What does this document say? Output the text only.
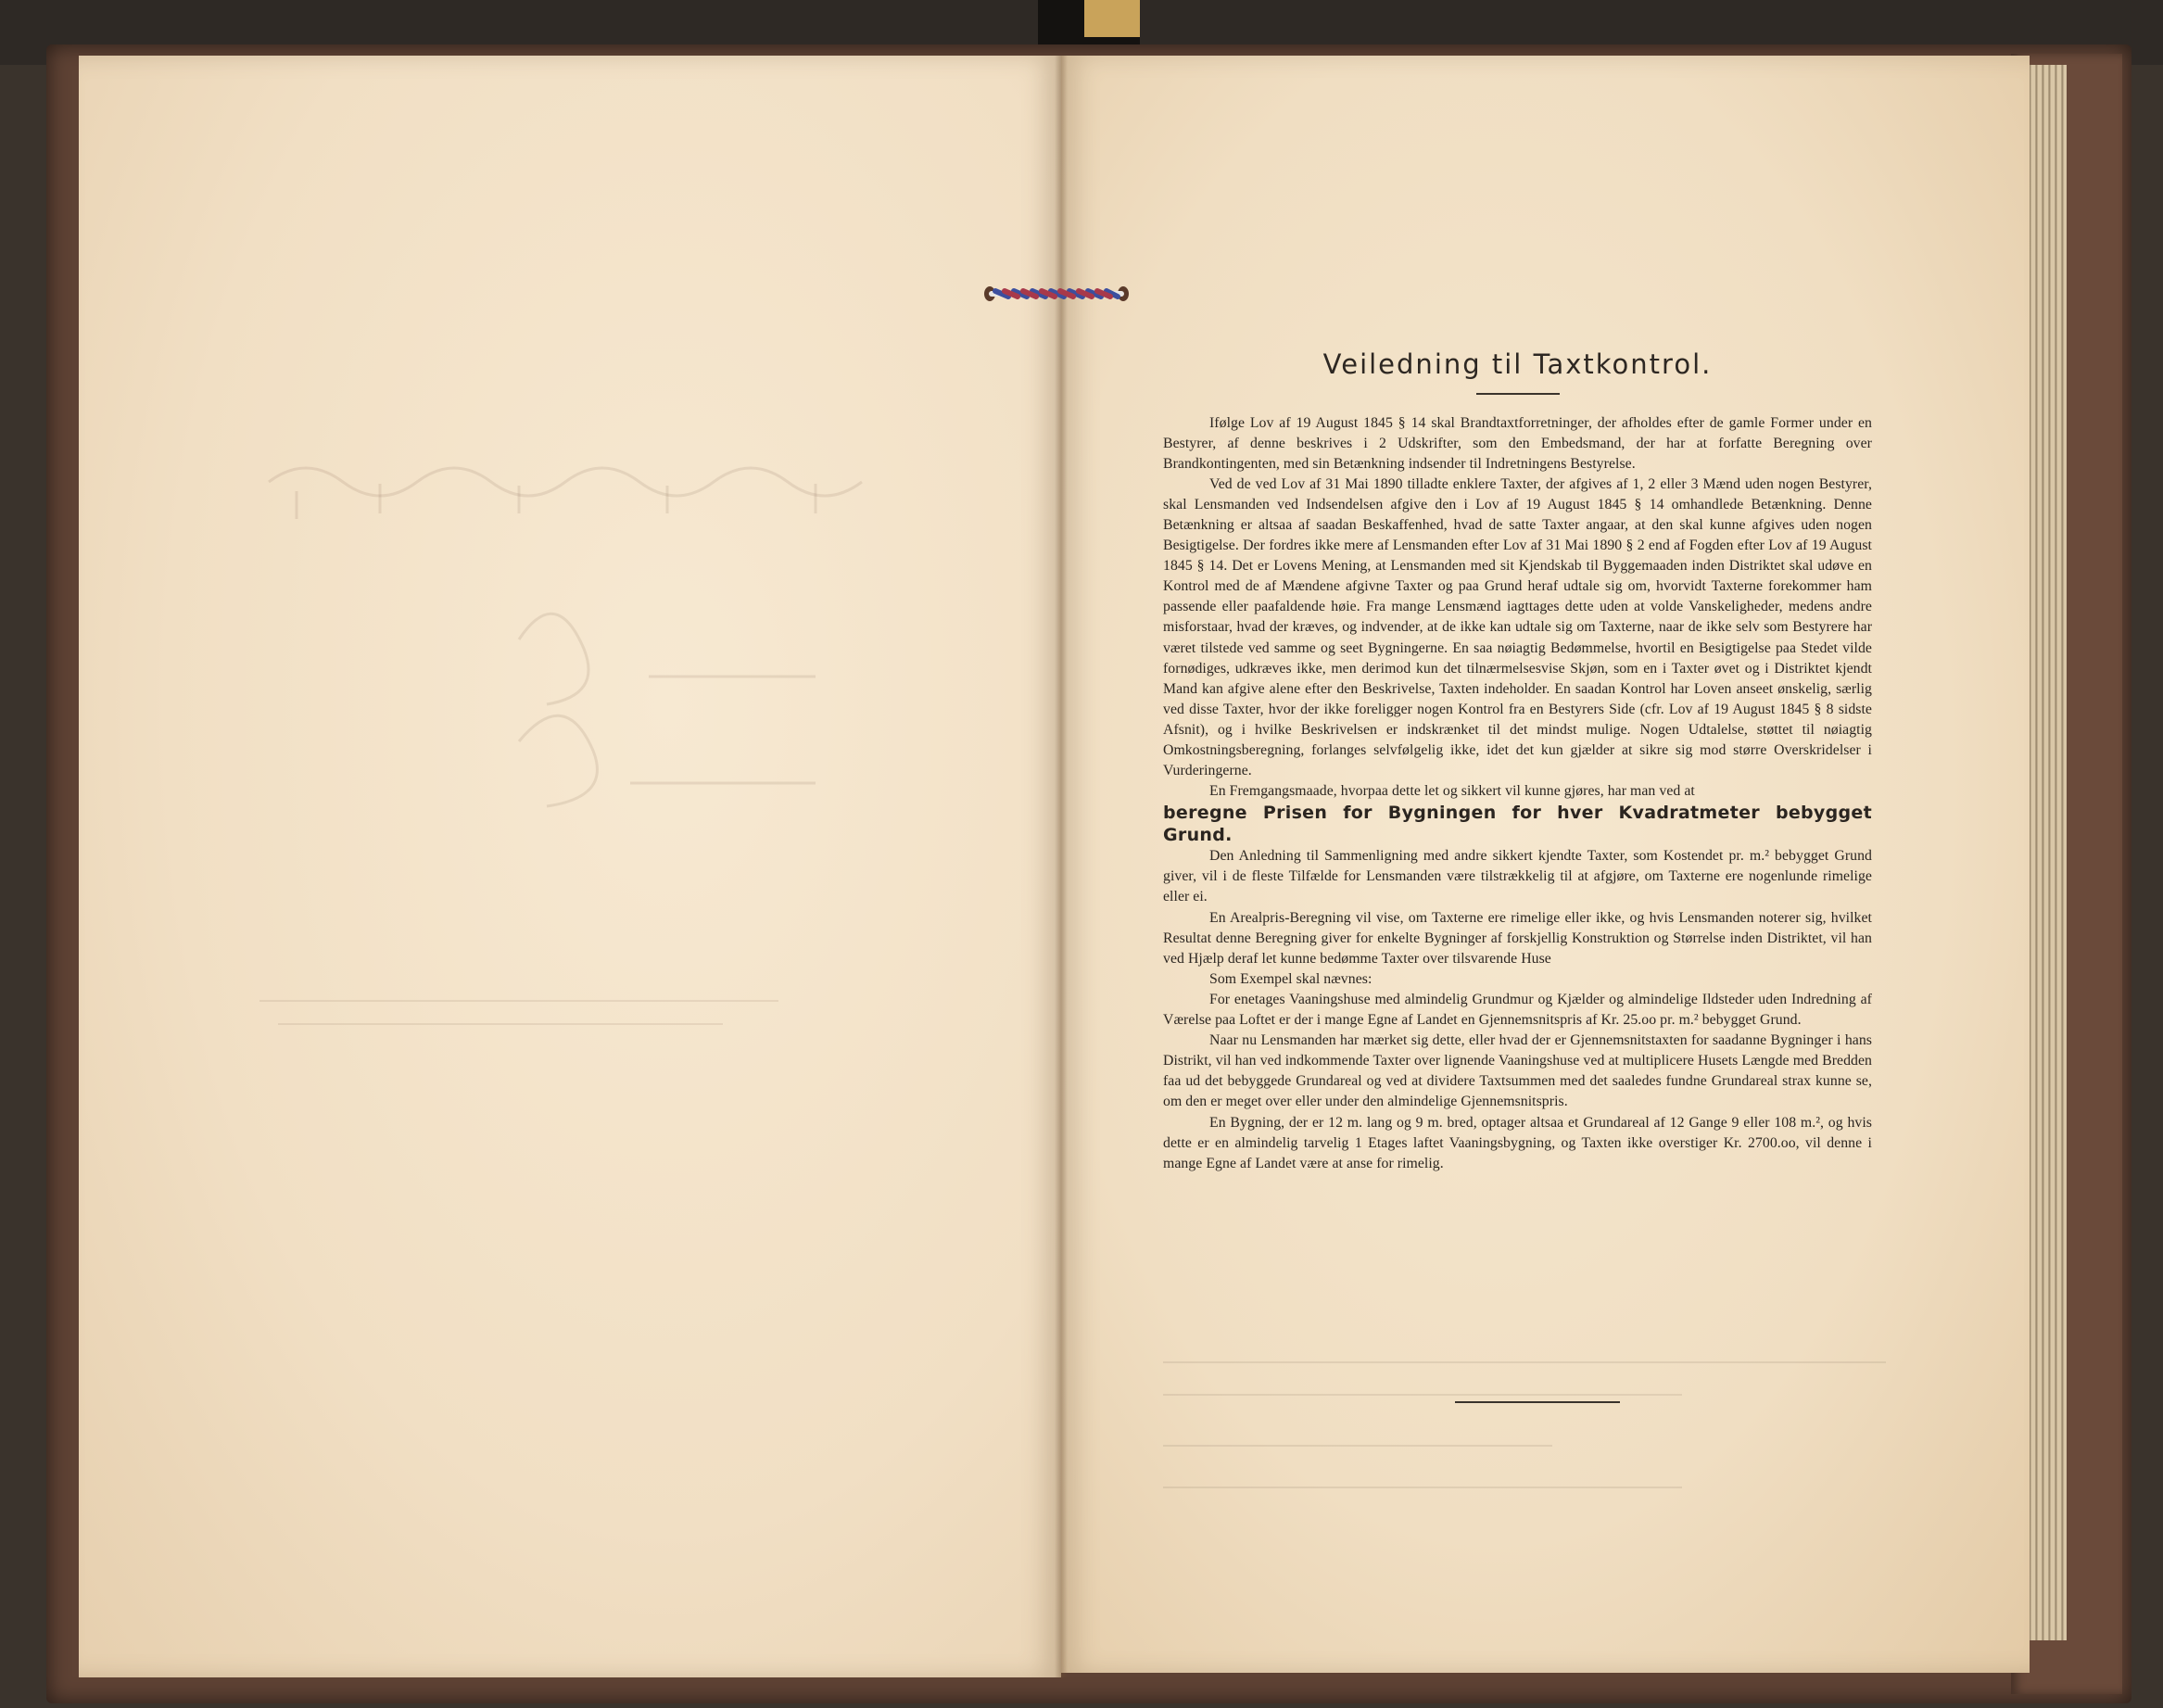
Veiledning til Taxtkontrol.

Ifølge Lov af 19 August 1845 § 14 skal Brandtaxtforretninger, der afholdes efter de gamle Former under en Bestyrer, af denne beskrives i 2 Udskrifter, som den Embedsmand, der har at forfatte Beregning over Brandkontingenten, med sin Betænkning indsender til Indretningens Bestyrelse.

Ved de ved Lov af 31 Mai 1890 tilladte enklere Taxter, der afgives af 1, 2 eller 3 Mænd uden nogen Bestyrer, skal Lensmanden ved Indsendelsen afgive den i Lov af 19 August 1845 § 14 omhandlede Betænkning. Denne Betænkning er altsaa af saadan Beskaffenhed, hvad de satte Taxter angaar, at den skal kunne afgives uden nogen Besigtigelse. Der fordres ikke mere af Lensmanden efter Lov af 31 Mai 1890 § 2 end af Fogden efter Lov af 19 August 1845 § 14. Det er Lovens Mening, at Lensmanden med sit Kjendskab til Byggemaaden inden Distriktet skal udøve en Kontrol med de af Mændene afgivne Taxter og paa Grund heraf udtale sig om, hvorvidt Taxterne forekommer ham passende eller paafaldende høie. Fra mange Lensmænd iagttages dette uden at volde Vanskeligheder, medens andre misforstaar, hvad der kræves, og indvender, at de ikke kan udtale sig om Taxterne, naar de ikke selv som Bestyrere har været tilstede ved samme og seet Bygningerne. En saa nøiagtig Bedømmelse, hvortil en Besigtigelse paa Stedet vilde fornødiges, udkræves ikke, men derimod kun det tilnærmelsesvise Skjøn, som en i Taxter øvet og i Distriktet kjendt Mand kan afgive alene efter den Beskrivelse, Taxten indeholder. En saadan Kontrol har Loven anseet ønskelig, særlig ved disse Taxter, hvor der ikke foreligger nogen Kontrol fra en Bestyrers Side (cfr. Lov af 19 August 1845 § 8 sidste Afsnit), og i hvilke Beskrivelsen er indskrænket til det mindst mulige. Nogen Udtalelse, støttet til nøiagtig Omkostningsberegning, forlanges selvfølgelig ikke, idet det kun gjælder at sikre sig mod større Overskridelser i Vurderingerne.

En Fremgangsmaade, hvorpaa dette let og sikkert vil kunne gjøres, har man ved at

beregne Prisen for Bygningen for hver Kvadratmeter bebygget Grund.

Den Anledning til Sammenligning med andre sikkert kjendte Taxter, som Kostendet pr. m.² bebygget Grund giver, vil i de fleste Tilfælde for Lensmanden være tilstrækkelig til at afgjøre, om Taxterne ere nogenlunde rimelige eller ei.

En Arealpris-Beregning vil vise, om Taxterne ere rimelige eller ikke, og hvis Lensmanden noterer sig, hvilket Resultat denne Beregning giver for enkelte Bygninger af forskjellig Konstruktion og Størrelse inden Distriktet, vil han ved Hjælp deraf let kunne bedømme Taxter over tilsvarende Huse

Som Exempel skal nævnes:

For enetages Vaaningshuse med almindelig Grundmur og Kjælder og almindelige Ildsteder uden Indredning af Værelse paa Loftet er der i mange Egne af Landet en Gjennemsnitspris af Kr. 25.oo pr. m.² bebygget Grund.

Naar nu Lensmanden har mærket sig dette, eller hvad der er Gjennemsnitstaxten for saadanne Bygninger i hans Distrikt, vil han ved indkommende Taxter over lignende Vaaningshuse ved at multiplicere Husets Længde med Bredden faa ud det bebyggede Grundareal og ved at dividere Taxtsummen med det saaledes fundne Grundareal strax kunne se, om den er meget over eller under den almindelige Gjennemsnitspris.

En Bygning, der er 12 m. lang og 9 m. bred, optager altsaa et Grundareal af 12 Gange 9 eller 108 m.², og hvis dette er en almindelig tarvelig 1 Etages laftet Vaaningsbygning, og Taxten ikke overstiger Kr. 2700.oo, vil denne i mange Egne af Landet være at anse for rimelig.
